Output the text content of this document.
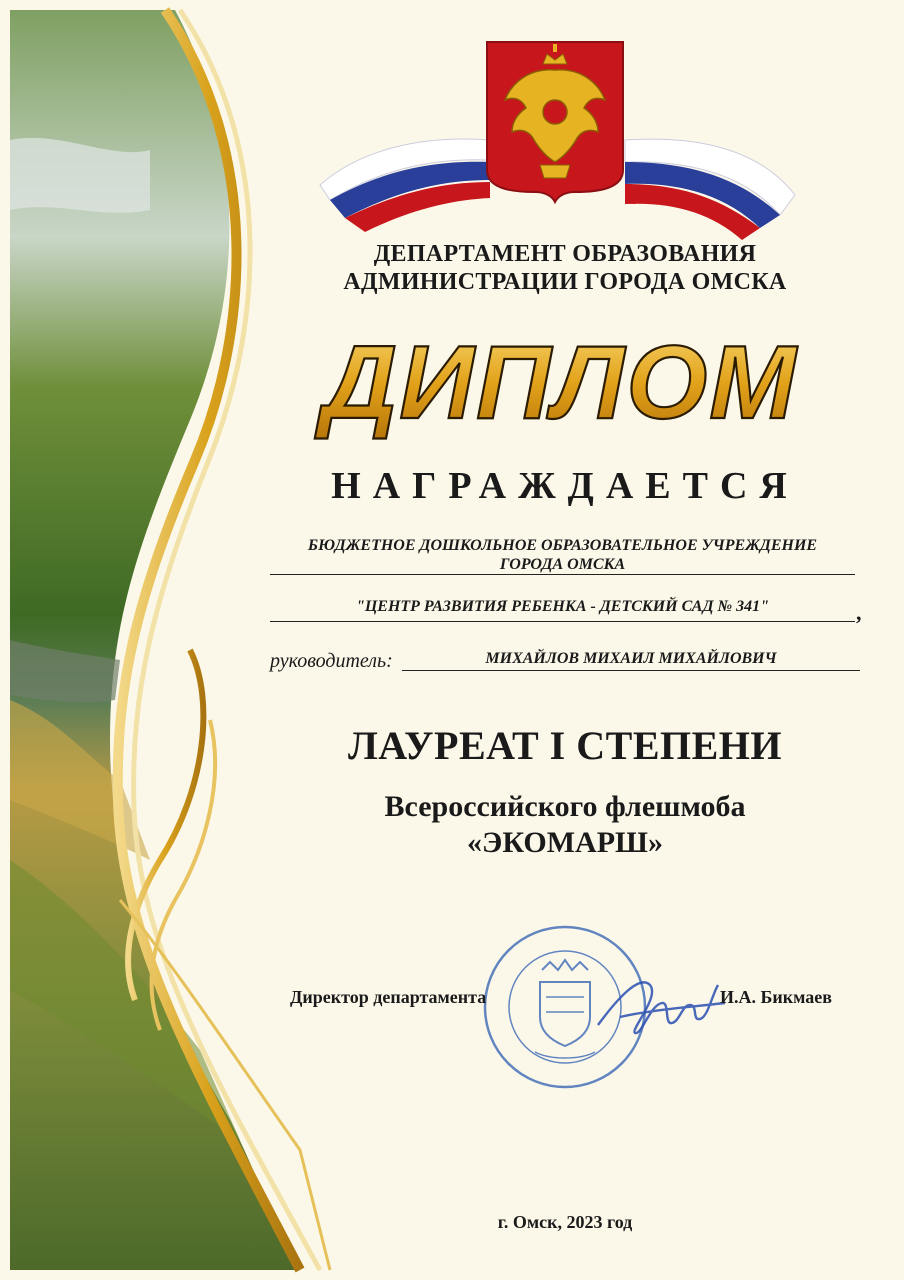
ДИПЛОМ
ДЕПАРТАМЕНТ ОБРАЗОВАНИЯ
АДМИНИСТРАЦИИ ГОРОДА ОМСКА
НАГРАЖДАЕТСЯ
БЮДЖЕТНОЕ ДОШКОЛЬНОЕ ОБРАЗОВАТЕЛЬНОЕ УЧРЕЖДЕНИЕ
ГОРОДА ОМСКА
"ЦЕНТР РАЗВИТИЯ РЕБЕНКА - ДЕТСКИЙ САД № 341"	,
руководитель:	МИХАЙЛОВ МИХАИЛ МИХАЙЛОВИЧ
ЛАУРЕАТ I СТЕПЕНИ
Всероссийского флешмоба
«ЭКОМАРШ»
Директор департамента	И.А. Бикмаев
г. Омск, 2023 год
